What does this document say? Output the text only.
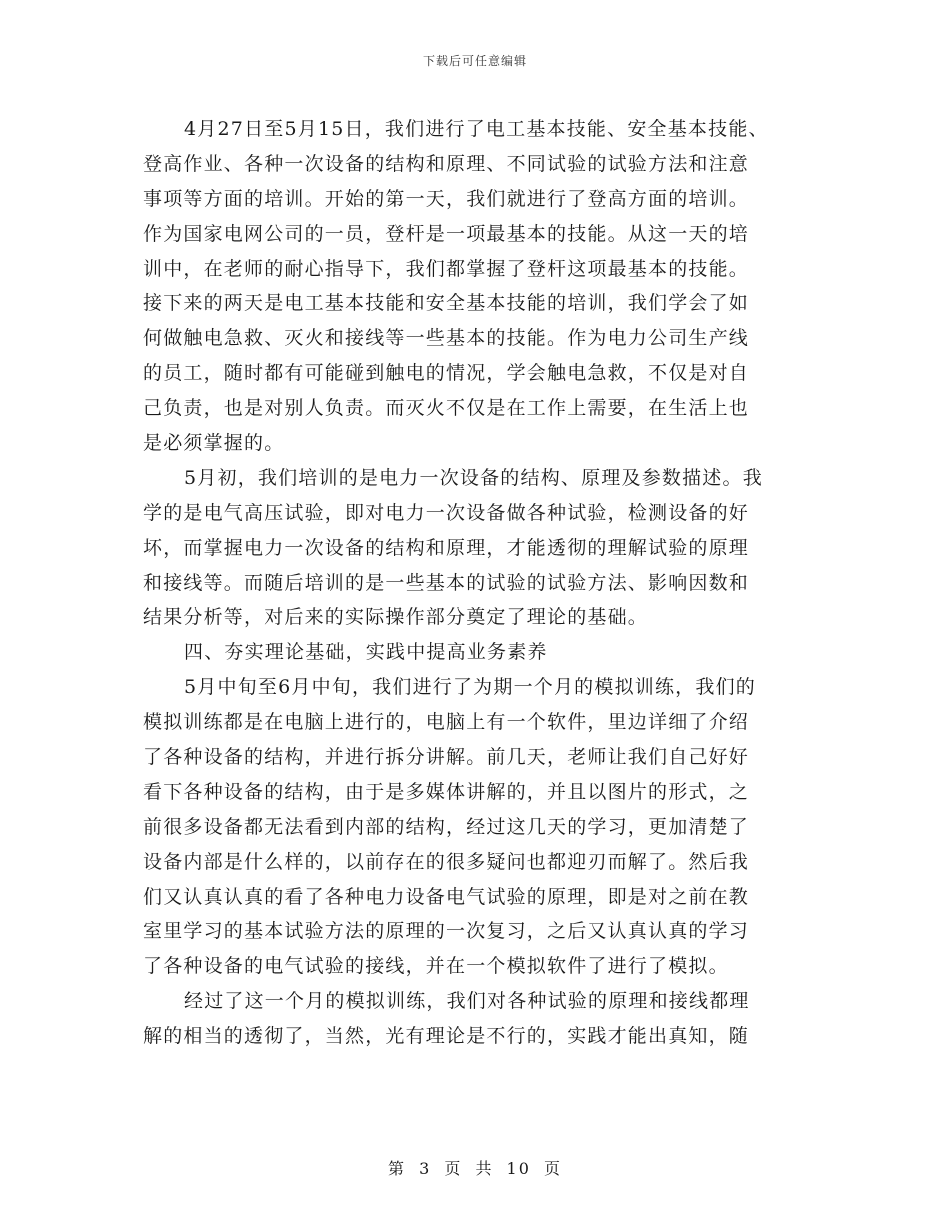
下载后可任意编辑
4月27日至5月15日，我们进行了电工基本技能、安全基本技能、
登高作业、各种一次设备的结构和原理、不同试验的试验方法和注意
事项等方面的培训。开始的第一天，我们就进行了登高方面的培训。
作为国家电网公司的一员，登杆是一项最基本的技能。从这一天的培
训中，在老师的耐心指导下，我们都掌握了登杆这项最基本的技能。
接下来的两天是电工基本技能和安全基本技能的培训，我们学会了如
何做触电急救、灭火和接线等一些基本的技能。作为电力公司生产线
的员工，随时都有可能碰到触电的情况，学会触电急救，不仅是对自
己负责，也是对别人负责。而灭火不仅是在工作上需要，在生活上也
是必须掌握的。
5月初，我们培训的是电力一次设备的结构、原理及参数描述。我
学的是电气高压试验，即对电力一次设备做各种试验，检测设备的好
坏，而掌握电力一次设备的结构和原理，才能透彻的理解试验的原理
和接线等。而随后培训的是一些基本的试验的试验方法、影响因数和
结果分析等，对后来的实际操作部分奠定了理论的基础。
四、夯实理论基础，实践中提高业务素养
5月中旬至6月中旬，我们进行了为期一个月的模拟训练，我们的
模拟训练都是在电脑上进行的，电脑上有一个软件，里边详细了介绍
了各种设备的结构，并进行拆分讲解。前几天，老师让我们自己好好
看下各种设备的结构，由于是多媒体讲解的，并且以图片的形式，之
前很多设备都无法看到内部的结构，经过这几天的学习，更加清楚了
设备内部是什么样的，以前存在的很多疑问也都迎刃而解了。然后我
们又认真认真的看了各种电力设备电气试验的原理，即是对之前在教
室里学习的基本试验方法的原理的一次复习，之后又认真认真的学习
了各种设备的电气试验的接线，并在一个模拟软件了进行了模拟。
经过了这一个月的模拟训练，我们对各种试验的原理和接线都理
解的相当的透彻了，当然，光有理论是不行的，实践才能出真知，随
第 3 页 共 10 页
